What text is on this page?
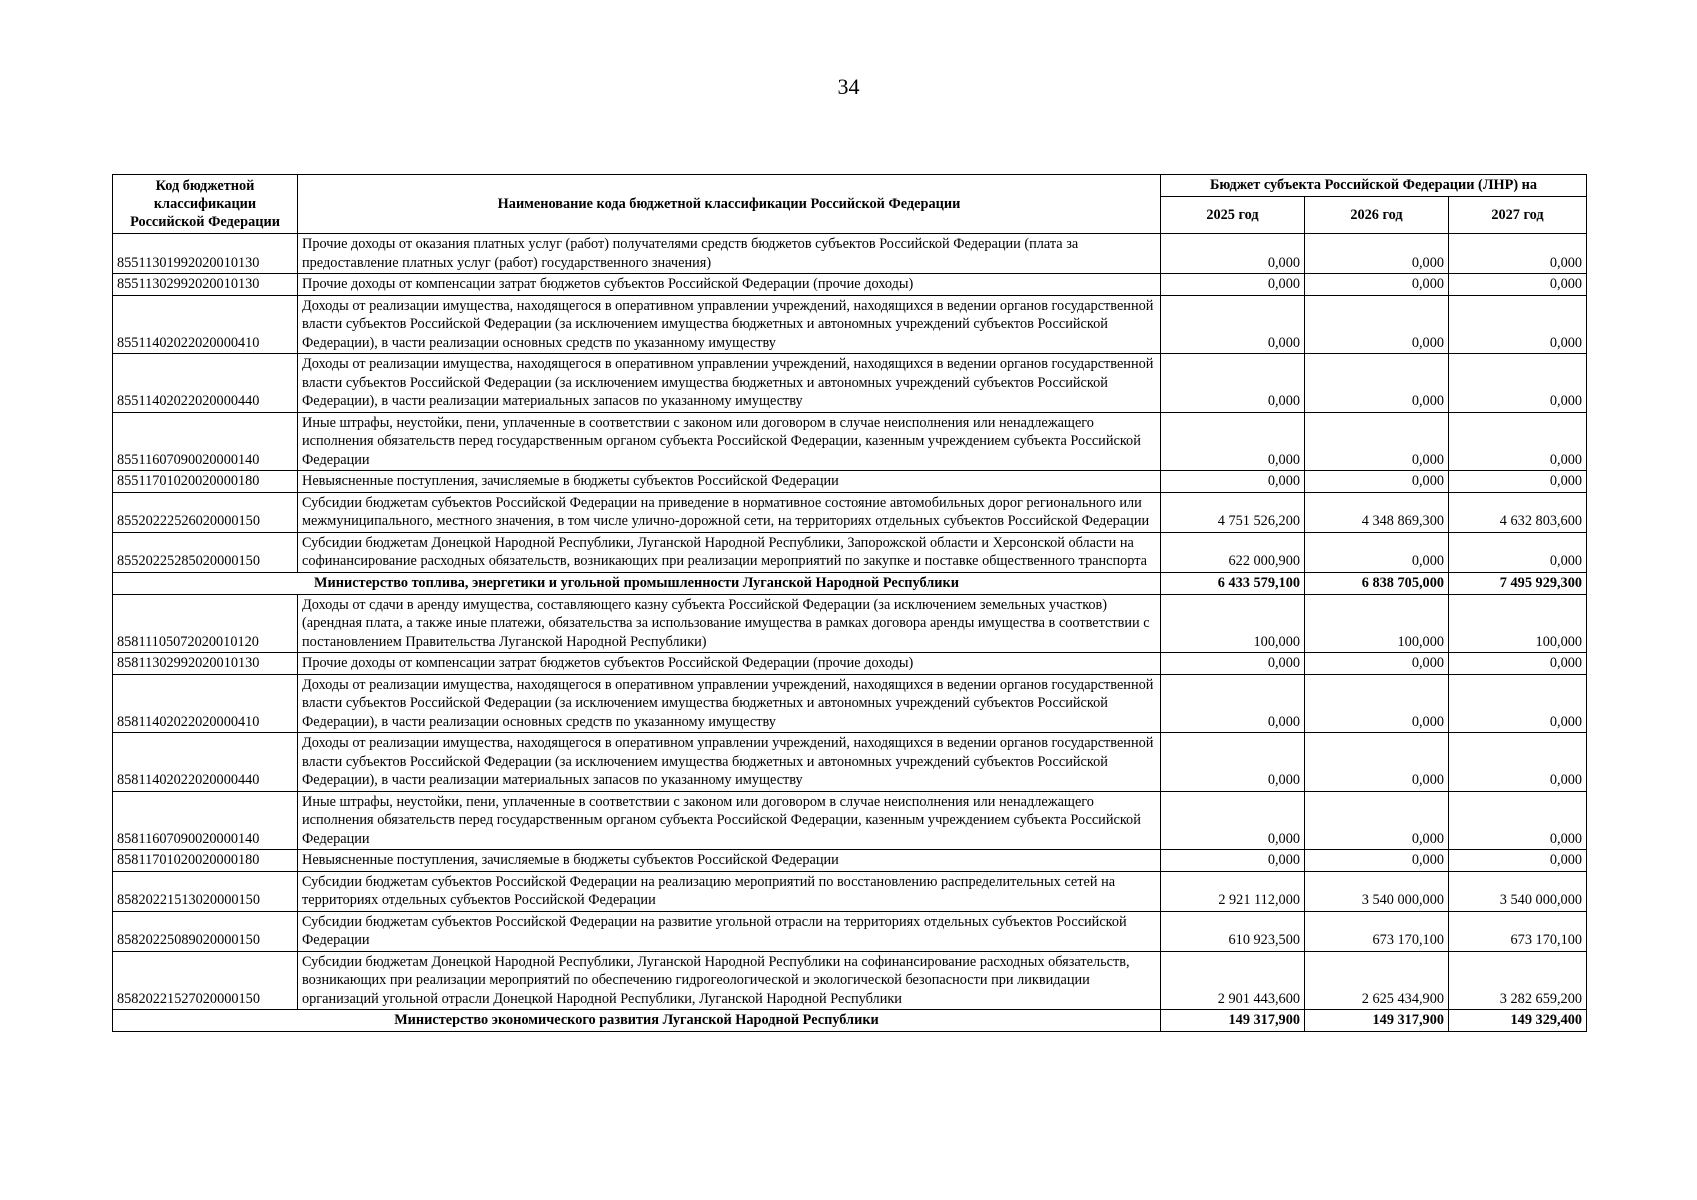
34
Код бюджетной классификации Российской Федерации	Наименование кода бюджетной классификации Российской Федерации	Бюджет субъекта Российской Федерации (ЛНР) на		
		2025 год	2026 год	2027 год
85511301992020010130	Прочие доходы от оказания платных услуг (работ) получателями средств бюджетов субъектов Российской Федерации (плата за предоставление платных услуг (работ) государственного значения)	0,000	0,000	0,000
85511302992020010130	Прочие доходы от компенсации затрат бюджетов субъектов Российской Федерации (прочие доходы)	0,000	0,000	0,000
85511402022020000410	Доходы от реализации имущества, находящегося в оперативном управлении учреждений, находящихся в ведении органов государственной власти субъектов Российской Федерации (за исключением имущества бюджетных и автономных учреждений субъектов Российской Федерации), в части реализации основных средств по указанному имуществу	0,000	0,000	0,000
85511402022020000440	Доходы от реализации имущества, находящегося в оперативном управлении учреждений, находящихся в ведении органов государственной власти субъектов Российской Федерации (за исключением имущества бюджетных и автономных учреждений субъектов Российской Федерации), в части реализации материальных запасов по указанному имуществу	0,000	0,000	0,000
85511607090020000140	Иные штрафы, неустойки, пени, уплаченные в соответствии с законом или договором в случае неисполнения или ненадлежащего исполнения обязательств перед государственным органом субъекта Российской Федерации, казенным учреждением субъекта Российской Федерации	0,000	0,000	0,000
85511701020020000180	Невыясненные поступления, зачисляемые в бюджеты субъектов Российской Федерации	0,000	0,000	0,000
85520222526020000150	Субсидии бюджетам субъектов Российской Федерации на приведение в нормативное состояние автомобильных дорог регионального или межмуниципального, местного значения, в том числе улично-дорожной сети, на территориях отдельных субъектов Российской Федерации	4 751 526,200	4 348 869,300	4 632 803,600
85520225285020000150	Субсидии бюджетам Донецкой Народной Республики, Луганской Народной Республики, Запорожской области и Херсонской области на софинансирование расходных обязательств, возникающих при реализации мероприятий по закупке и поставке общественного транспорта	622 000,900	0,000	0,000
Министерство топлива, энергетики и угольной промышленности Луганской Народной Республики		6 433 579,100	6 838 705,000	7 495 929,300
85811105072020010120	Доходы от сдачи в аренду имущества, составляющего казну субъекта Российской Федерации (за исключением земельных участков) (арендная плата, а также иные платежи, обязательства за использование имущества в рамках договора аренды имущества в соответствии с постановлением Правительства Луганской Народной Республики)	100,000	100,000	100,000
85811302992020010130	Прочие доходы от компенсации затрат бюджетов субъектов Российской Федерации (прочие доходы)	0,000	0,000	0,000
85811402022020000410	Доходы от реализации имущества, находящегося в оперативном управлении учреждений, находящихся в ведении органов государственной власти субъектов Российской Федерации (за исключением имущества бюджетных и автономных учреждений субъектов Российской Федерации), в части реализации основных средств по указанному имуществу	0,000	0,000	0,000
85811402022020000440	Доходы от реализации имущества, находящегося в оперативном управлении учреждений, находящихся в ведении органов государственной власти субъектов Российской Федерации (за исключением имущества бюджетных и автономных учреждений субъектов Российской Федерации), в части реализации материальных запасов по указанному имуществу	0,000	0,000	0,000
85811607090020000140	Иные штрафы, неустойки, пени, уплаченные в соответствии с законом или договором в случае неисполнения или ненадлежащего исполнения обязательств перед государственным органом субъекта Российской Федерации, казенным учреждением субъекта Российской Федерации	0,000	0,000	0,000
85811701020020000180	Невыясненные поступления, зачисляемые в бюджеты субъектов Российской Федерации	0,000	0,000	0,000
85820221513020000150	Субсидии бюджетам субъектов Российской Федерации на реализацию мероприятий по восстановлению распределительных сетей на территориях отдельных субъектов Российской Федерации	2 921 112,000	3 540 000,000	3 540 000,000
85820225089020000150	Субсидии бюджетам субъектов Российской Федерации на развитие угольной отрасли на территориях отдельных субъектов Российской Федерации	610 923,500	673 170,100	673 170,100
85820221527020000150	Субсидии бюджетам Донецкой Народной Республики, Луганской Народной Республики на софинансирование расходных обязательств, возникающих при реализации мероприятий по обеспечению гидрогеологической и экологической безопасности при ликвидации организаций угольной отрасли Донецкой Народной Республики, Луганской Народной Республики	2 901 443,600	2 625 434,900	3 282 659,200
Министерство экономического развития Луганской Народной Республики		149 317,900	149 317,900	149 329,400
